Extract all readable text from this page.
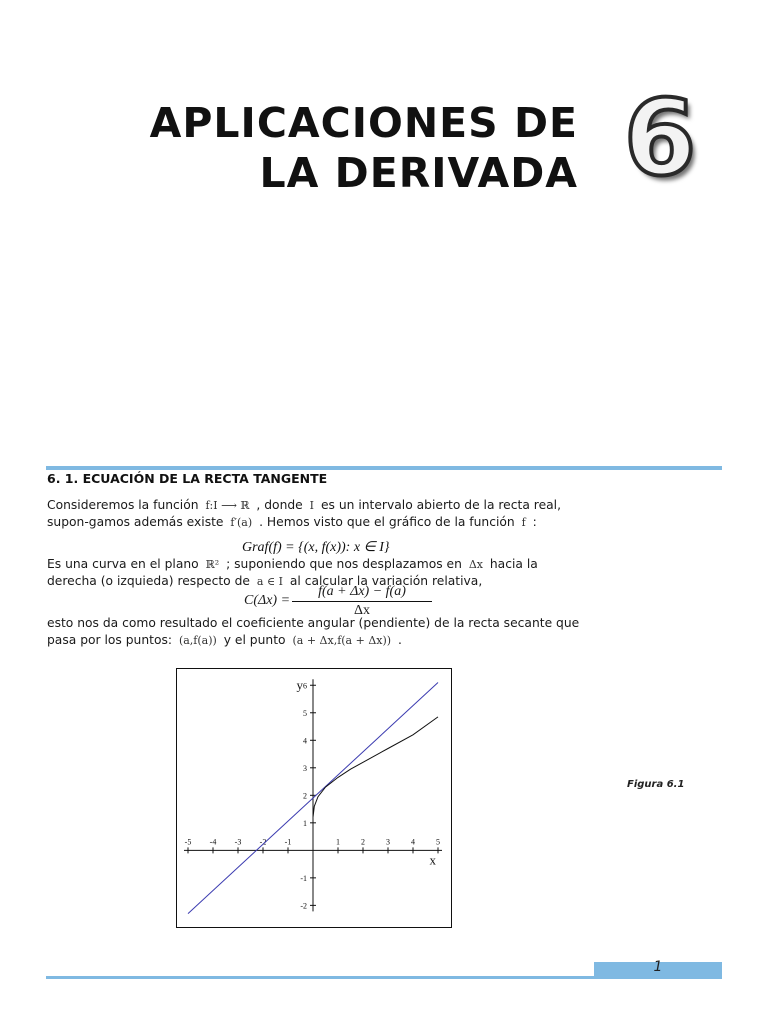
APLICACIONES DE
LA DERIVADA 6
6. 1. ECUACIÓN DE LA RECTA TANGENTE
Consideremos la función f:I ⟶ ℝ , donde I es un intervalo abierto de la recta real, supon-gamos además existe f′(a) . Hemos visto que el gráfico de la función f :
Graf(f) = {(x, f(x)): x ∈ I}
Es una curva en el plano ℝ² ; suponiendo que nos desplazamos en Δx hacia la derecha (o izquieda) respecto de a ∈ I al calcular la variación relativa,
$C(\Delta x) = \frac{f(a + \Delta x) - f(a)}{\Delta x}$
esto nos da como resultado el coeficiente angular (pendiente) de la recta secante que pasa por los puntos: (a,f(a)) y el punto (a + Δx,f(a + Δx)) .
-5 -4 -3 -2 -1	1	2	3	4	5
-2
-1
1
2
3
4
5
6
x
y
Figura 6.1
1
